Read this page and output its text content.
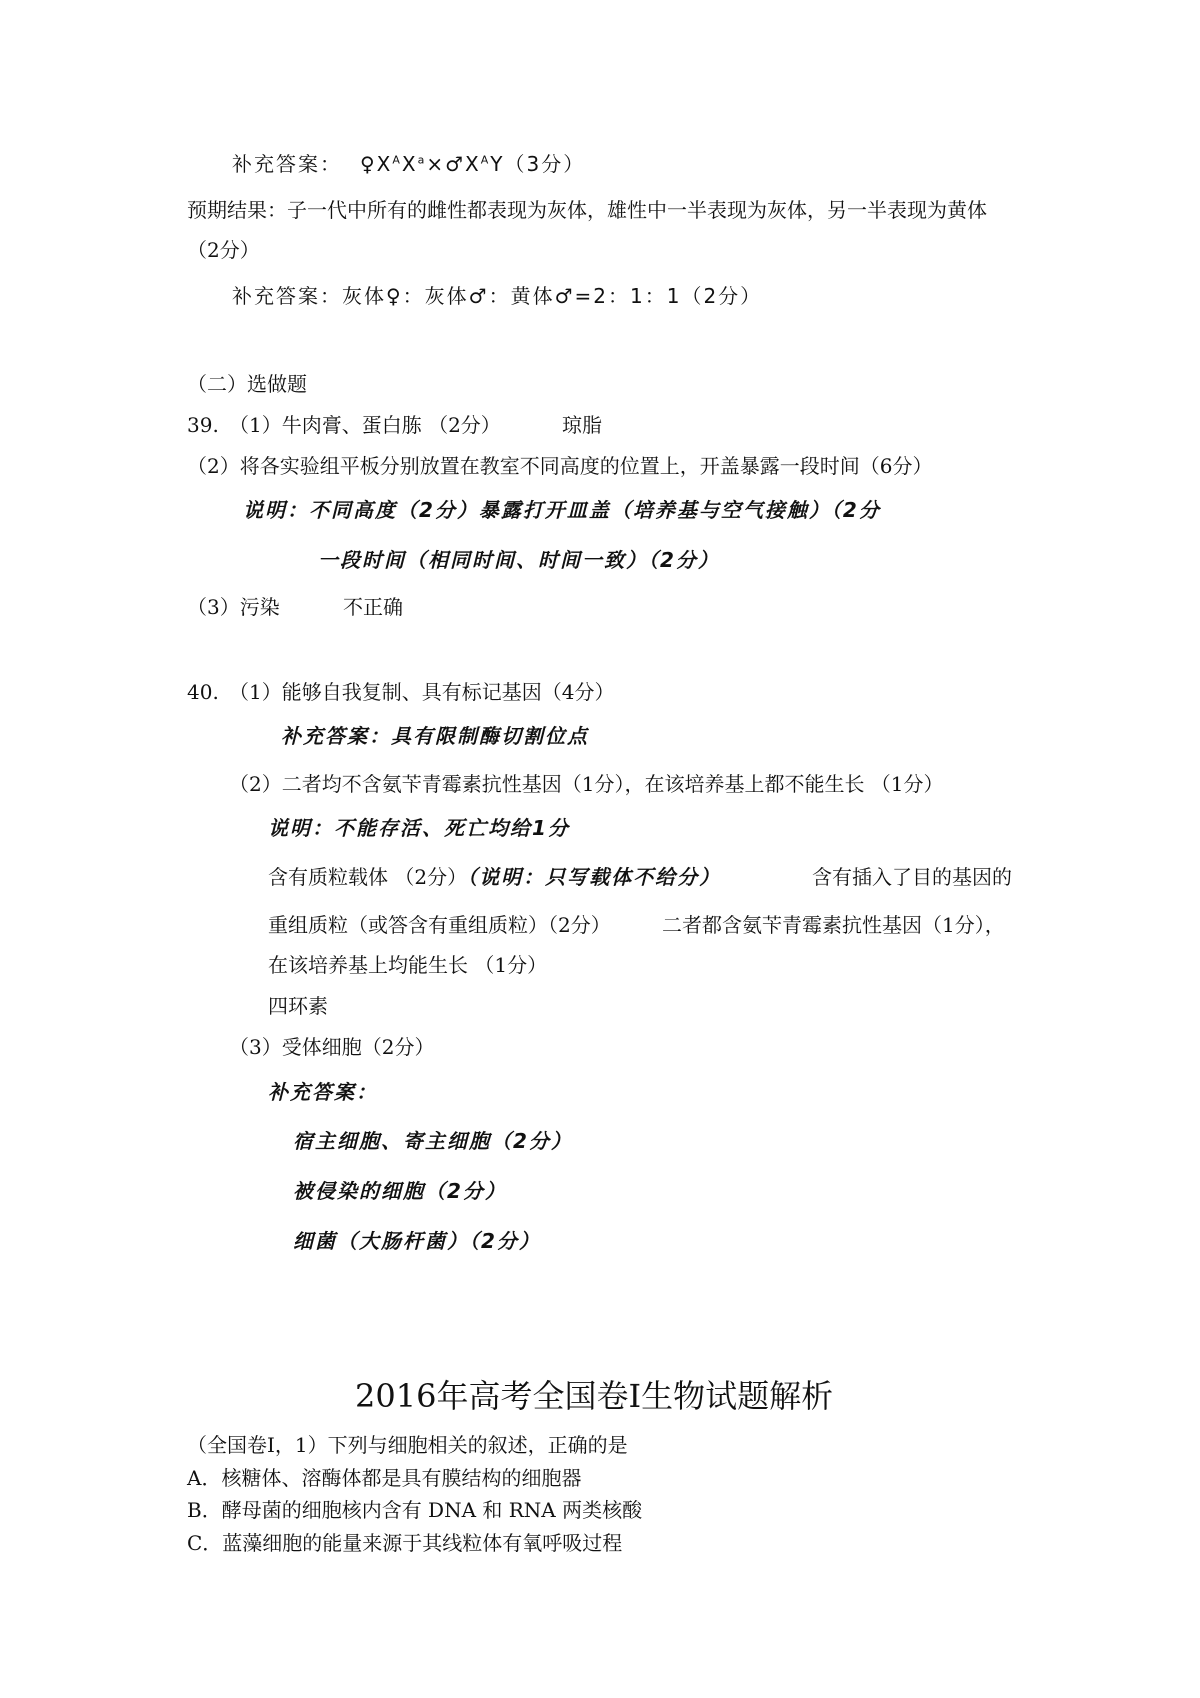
补充答案： $♀X^AX^a\times♂X^AY(3$分）
预期结果：子一代中所有的雌性都表现为灰体，雄性中一半表现为灰体，另一半表现为黄体
（2分）
补充答案：灰体♀：灰体♂：黄体♂=2：1：1（2分）
（二）选做题
39. （1）牛肉膏、蛋白胨 （2分）	琼脂
（2）将各实验组平板分别放置在教室不同高度的位置上，开盖暴露一段时间（6分）
说明：不同高度（2分）暴露打开皿盖（培养基与空气接触）（2分
一段时间（相同时间、时间一致）（2分）
（3）污染	不正确
40. （1）能够自我复制、具有标记基因（4分）
补充答案：具有限制酶切割位点
（2）二者均不含氨苄青霉素抗性基因（1分），在该培养基上都不能生长 （1分）
说明：不能存活、死亡均给1分
含有质粒载体 （2分）（说明：只写载体不给分）	含有插入了目的基因的
重组质粒（或答含有重组质粒）（2分）	二者都含氨苄青霉素抗性基因（1分），
在该培养基上均能生长 （1分）
四环素
（3）受体细胞（2分）
补充答案：
宿主细胞、寄主细胞（2分）
被侵染的细胞（2分）
细菌（大肠杆菌）（2分）
2016年高考全国卷Ⅰ生物试题解析
（全国卷Ⅰ，1）下列与细胞相关的叙述，正确的是
A．核糖体、溶酶体都是具有膜结构的细胞器
B．酵母菌的细胞核内含有 DNA 和 RNA 两类核酸
C．蓝藻细胞的能量来源于其线粒体有氧呼吸过程
